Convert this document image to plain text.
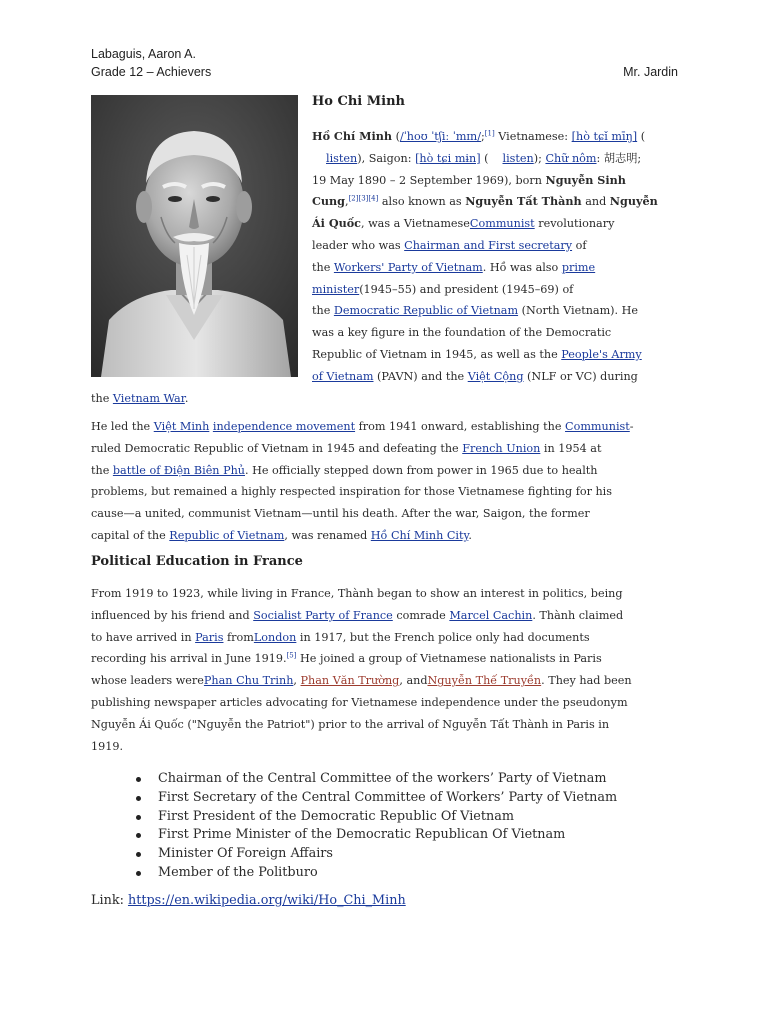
Labaguis, Aaron A.
Grade 12 – Achievers	Mr. Jardin
Ho Chi Minh
Hồ Chí Minh (/ˈhoʊ ˈtʃiː ˈmɪn/;[1] Vietnamese: [hò tɕǐ mīŋ] (
listen), Saigon: [hò tɕi mɨn] ( listen); Chữ nôm: 胡志明;
19 May 1890 – 2 September 1969), born Nguyễn Sinh
Cung,[2][3][4] also known as Nguyễn Tất Thành and Nguyễn
Ái Quốc, was a VietnameseCommunist revolutionary
leader who was Chairman and First secretary of
the Workers' Party of Vietnam. Hồ was also prime
minister(1945–55) and president (1945–69) of
the Democratic Republic of Vietnam (North Vietnam). He
was a key figure in the foundation of the Democratic
Republic of Vietnam in 1945, as well as the People's Army
of Vietnam (PAVN) and the Việt Cộng (NLF or VC) during
the Vietnam War.
He led the Việt Minh independence movement from 1941 onward, establishing the Communist-
ruled Democratic Republic of Vietnam in 1945 and defeating the French Union in 1954 at
the battle of Điện Biên Phủ. He officially stepped down from power in 1965 due to health
problems, but remained a highly respected inspiration for those Vietnamese fighting for his
cause—a united, communist Vietnam—until his death. After the war, Saigon, the former
capital of the Republic of Vietnam, was renamed Hồ Chí Minh City.
Political Education in France
From 1919 to 1923, while living in France, Thành began to show an interest in politics, being
influenced by his friend and Socialist Party of France comrade Marcel Cachin. Thành claimed
to have arrived in Paris fromLondon in 1917, but the French police only had documents
recording his arrival in June 1919.[5] He joined a group of Vietnamese nationalists in Paris
whose leaders werePhan Chu Trinh, Phan Văn Trường, andNguyễn Thế Truyền. They had been
publishing newspaper articles advocating for Vietnamese independence under the pseudonym
Nguyễn Ái Quốc ("Nguyễn the Patriot") prior to the arrival of Nguyễn Tất Thành in Paris in
1919.
Chairman of the Central Committee of the workers’ Party of Vietnam
First Secretary of the Central Committee of Workers’ Party of Vietnam
First President of the Democratic Republic Of Vietnam
First Prime Minister of the Democratic Republican Of Vietnam
Minister Of Foreign Affairs
Member of the Politburo
Link: https://en.wikipedia.org/wiki/Ho_Chi_Minh
